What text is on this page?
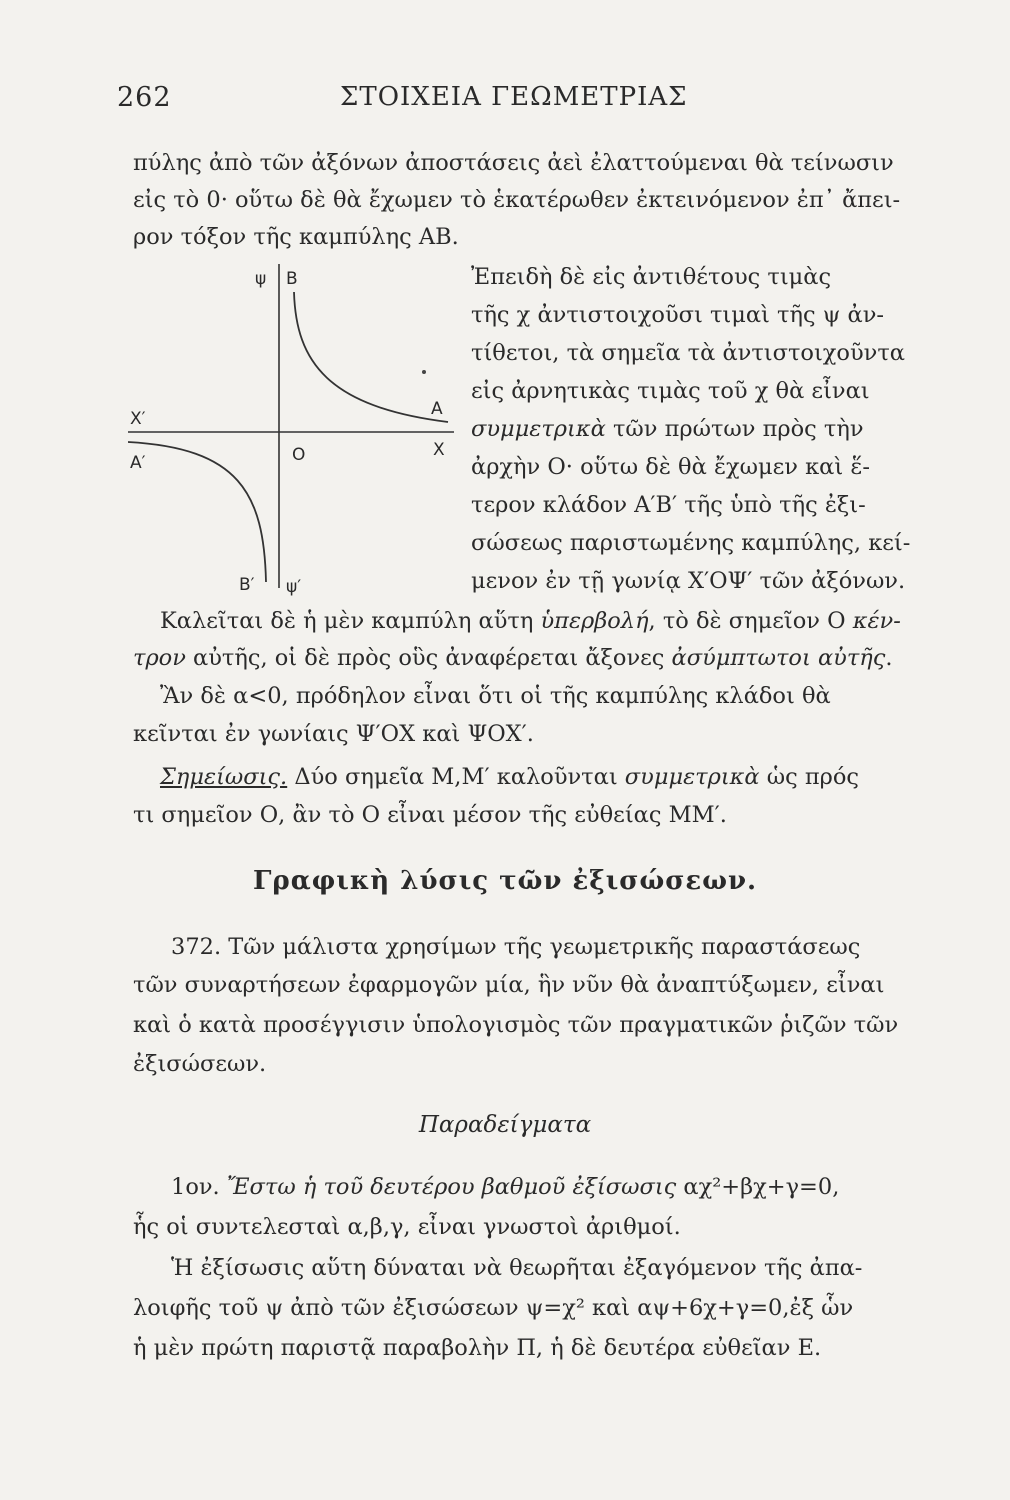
262	ΣΤΟΙΧΕΙΑ ΓΕΩΜΕΤΡΙΑΣ
πύλης ἀπὸ τῶν ἀξόνων ἀποστάσεις ἀεὶ ἐλαττούμεναι θὰ τείνωσιν
εἰς τὸ 0· οὕτω δὲ θὰ ἔχωμεν τὸ ἑκατέρωθεν ἐκτεινόμενον ἐπ᾽ ἄπει-
ρον τόξον τῆς καμπύλης ΑΒ.
ψ B
X′
A′	O
A
X
B′ ψ′
Ἐπειδὴ δὲ εἰς ἀντιθέτους τιμὰς
τῆς χ ἀντιστοιχοῦσι τιμαὶ τῆς ψ ἀν-
τίθετοι, τὰ σημεῖα τὰ ἀντιστοιχοῦντα
εἰς ἀρνητικὰς τιμὰς τοῦ χ θὰ εἶναι
συμμετρικὰ τῶν πρώτων πρὸς τὴν
ἀρχὴν Ο· οὕτω δὲ θὰ ἔχωμεν καὶ ἕ-
τερον κλάδον Α′Β′ τῆς ὑπὸ τῆς ἐξι-
σώσεως παριστωμένης καμπύλης, κεί-
μενον ἐν τῇ γωνίᾳ Χ′ΟΨ′ τῶν ἀξόνων.
Καλεῖται δὲ ἡ μὲν καμπύλη αὕτη ὑπερβολή, τὸ δὲ σημεῖον Ο κέν-
τρον αὐτῆς, οἱ δὲ πρὸς οὓς ἀναφέρεται ἄξονες ἀσύμπτωτοι αὐτῆς.
Ἂν δὲ α<0, πρόδηλον εἶναι ὅτι οἱ τῆς καμπύλης κλάδοι θὰ
κεῖνται ἐν γωνίαις Ψ′ΟΧ καὶ ΨΟΧ′.
Σημείωσις. Δύο σημεῖα Μ,Μ′ καλοῦνται συμμετρικὰ ὡς πρός
τι σημεῖον Ο, ἂν τὸ Ο εἶναι μέσον τῆς εὐθείας ΜΜ′.
Γραφικὴ λύσις τῶν ἐξισώσεων.
372. Τῶν μάλιστα χρησίμων τῆς γεωμετρικῆς παραστάσεως
τῶν συναρτήσεων ἐφαρμογῶν μία, ἣν νῦν θὰ ἀναπτύξωμεν, εἶναι
καὶ ὁ κατὰ προσέγγισιν ὑπολογισμὸς τῶν πραγματικῶν ῥιζῶν τῶν
ἐξισώσεων.
Παραδείγματα
1ον. Ἔστω ἡ τοῦ δευτέρου βαθμοῦ ἐξίσωσις αχ²+βχ+γ=0,
ἧς οἱ συντελεσταὶ α,β,γ, εἶναι γνωστοὶ ἀριθμοί.
Ἡ ἐξίσωσις αὕτη δύναται νὰ θεωρῆται ἐξαγόμενον τῆς ἀπα-
λοιφῆς τοῦ ψ ἀπὸ τῶν ἐξισώσεων ψ=χ² καὶ αψ+6χ+γ=0,ἐξ ὧν
ἡ μὲν πρώτη παριστᾷ παραβολὴν Π, ἡ δὲ δευτέρα εὐθεῖαν Ε.
